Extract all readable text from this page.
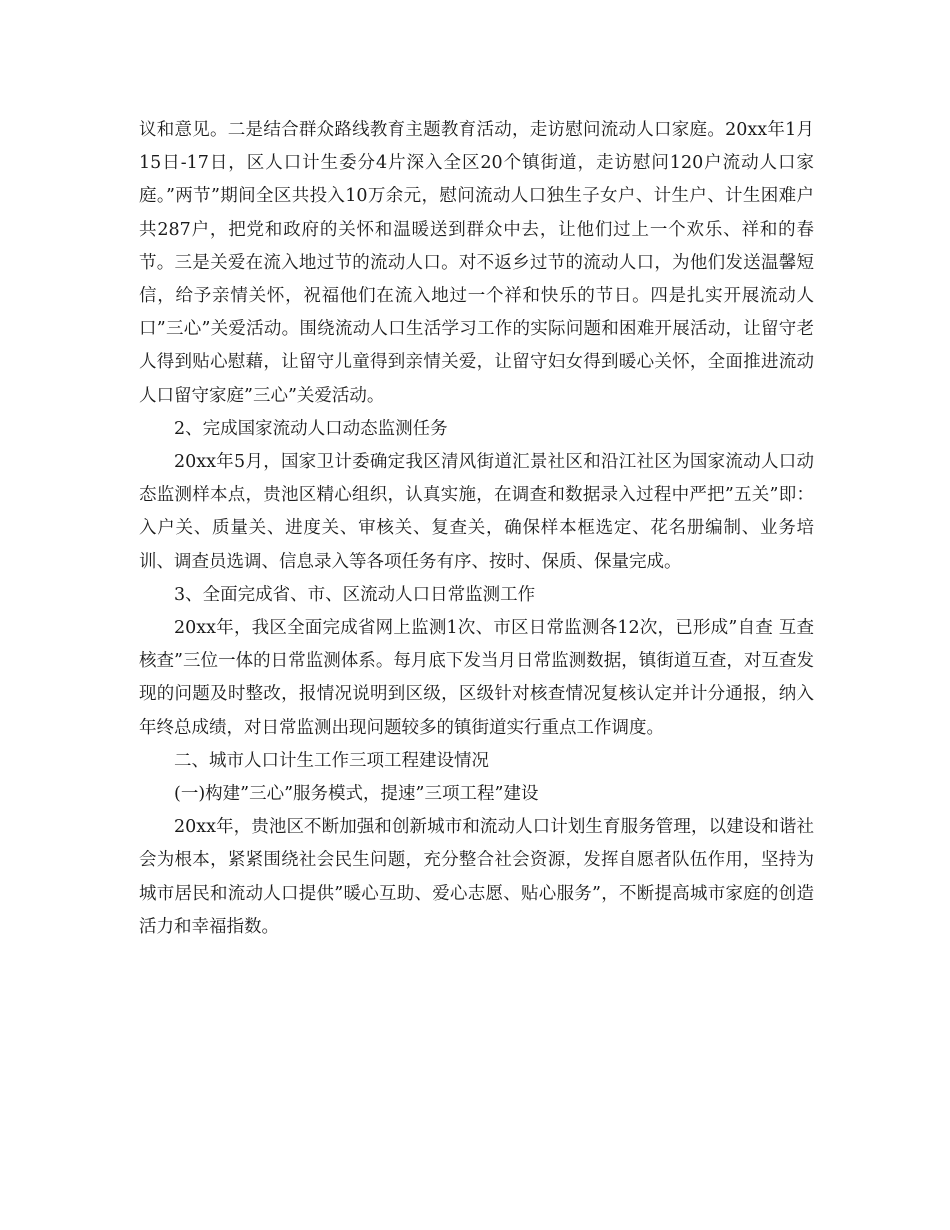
议和意见。二是结合群众路线教育主题教育活动，走访慰问流动人口家庭。20xx年1月15日-17日，区人口计生委分4片深入全区20个镇街道，走访慰问120户流动人口家庭。”两节”期间全区共投入10万余元，慰问流动人口独生子女户、计生户、计生困难户共287户，把党和政府的关怀和温暖送到群众中去，让他们过上一个欢乐、祥和的春节。三是关爱在流入地过节的流动人口。对不返乡过节的流动人口，为他们发送温馨短信，给予亲情关怀，祝福他们在流入地过一个祥和快乐的节日。四是扎实开展流动人口”三心”关爱活动。围绕流动人口生活学习工作的实际问题和困难开展活动，让留守老人得到贴心慰藉，让留守儿童得到亲情关爱，让留守妇女得到暖心关怀，全面推进流动人口留守家庭”三心”关爱活动。

2、完成国家流动人口动态监测任务

20xx年5月，国家卫计委确定我区清风街道汇景社区和沿江社区为国家流动人口动态监测样本点，贵池区精心组织，认真实施，在调查和数据录入过程中严把”五关”即：入户关、质量关、进度关、审核关、复查关，确保样本框选定、花名册编制、业务培训、调查员选调、信息录入等各项任务有序、按时、保质、保量完成。

3、全面完成省、市、区流动人口日常监测工作

20xx年，我区全面完成省网上监测1次、市区日常监测各12次，已形成”自查 互查 核查”三位一体的日常监测体系。每月底下发当月日常监测数据，镇街道互查，对互查发现的问题及时整改，报情况说明到区级，区级针对核查情况复核认定并计分通报，纳入年终总成绩，对日常监测出现问题较多的镇街道实行重点工作调度。

二、城市人口计生工作三项工程建设情况

(一)构建”三心”服务模式，提速”三项工程”建设

20xx年，贵池区不断加强和创新城市和流动人口计划生育服务管理，以建设和谐社会为根本，紧紧围绕社会民生问题，充分整合社会资源，发挥自愿者队伍作用，坚持为城市居民和流动人口提供”暖心互助、爱心志愿、贴心服务”，不断提高城市家庭的创造活力和幸福指数。
